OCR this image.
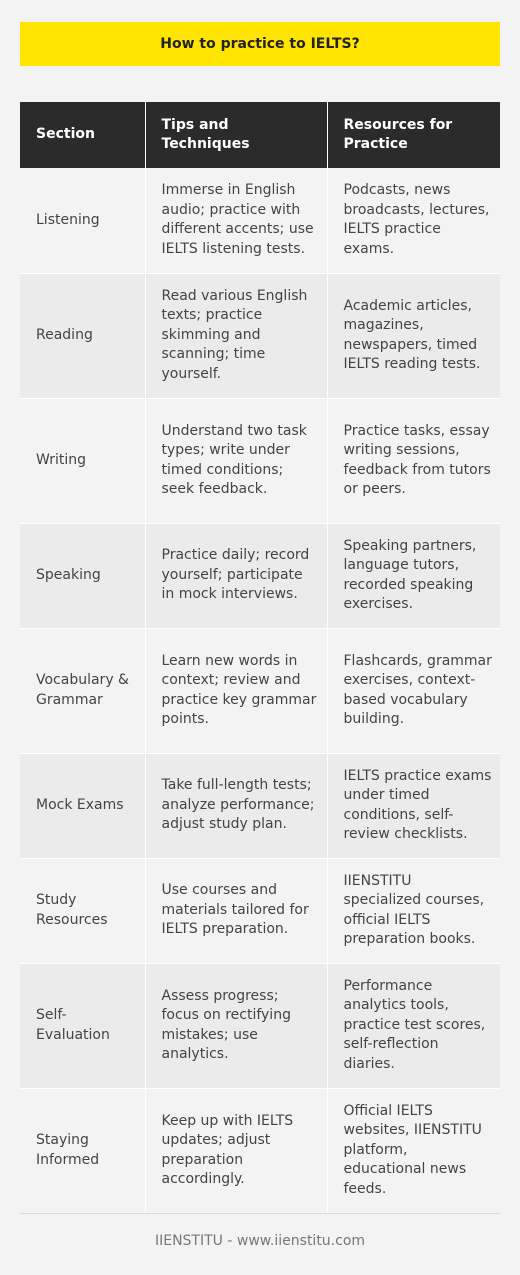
How to practice to IELTS?
Section	Tips and Techniques	Resources for Practice
Listening	Immerse in English audio; practice with different accents; use IELTS listening tests.	Podcasts, news broadcasts, lectures, IELTS practice exams.
Reading	Read various English texts; practice skimming and scanning; time yourself.	Academic articles, magazines, newspapers, timed IELTS reading tests.
Writing	Understand two task types; write under timed conditions; seek feedback.	Practice tasks, essay writing sessions, feedback from tutors or peers.
Speaking	Practice daily; record yourself; participate in mock interviews.	Speaking partners, language tutors, recorded speaking exercises.
Vocabulary & Grammar	Learn new words in context; review and practice key grammar points.	Flashcards, grammar exercises, context-based vocabulary building.
Mock Exams	Take full-length tests; analyze performance; adjust study plan.	IELTS practice exams under timed conditions, self-review checklists.
Study Resources	Use courses and materials tailored for IELTS preparation.	IIENSTITU specialized courses, official IELTS preparation books.
Self-Evaluation	Assess progress; focus on rectifying mistakes; use analytics.	Performance analytics tools, practice test scores, self-reflection diaries.
Staying Informed	Keep up with IELTS updates; adjust preparation accordingly.	Official IELTS websites, IIENSTITU platform, educational news feeds.
IIENSTITU - www.iienstitu.com
